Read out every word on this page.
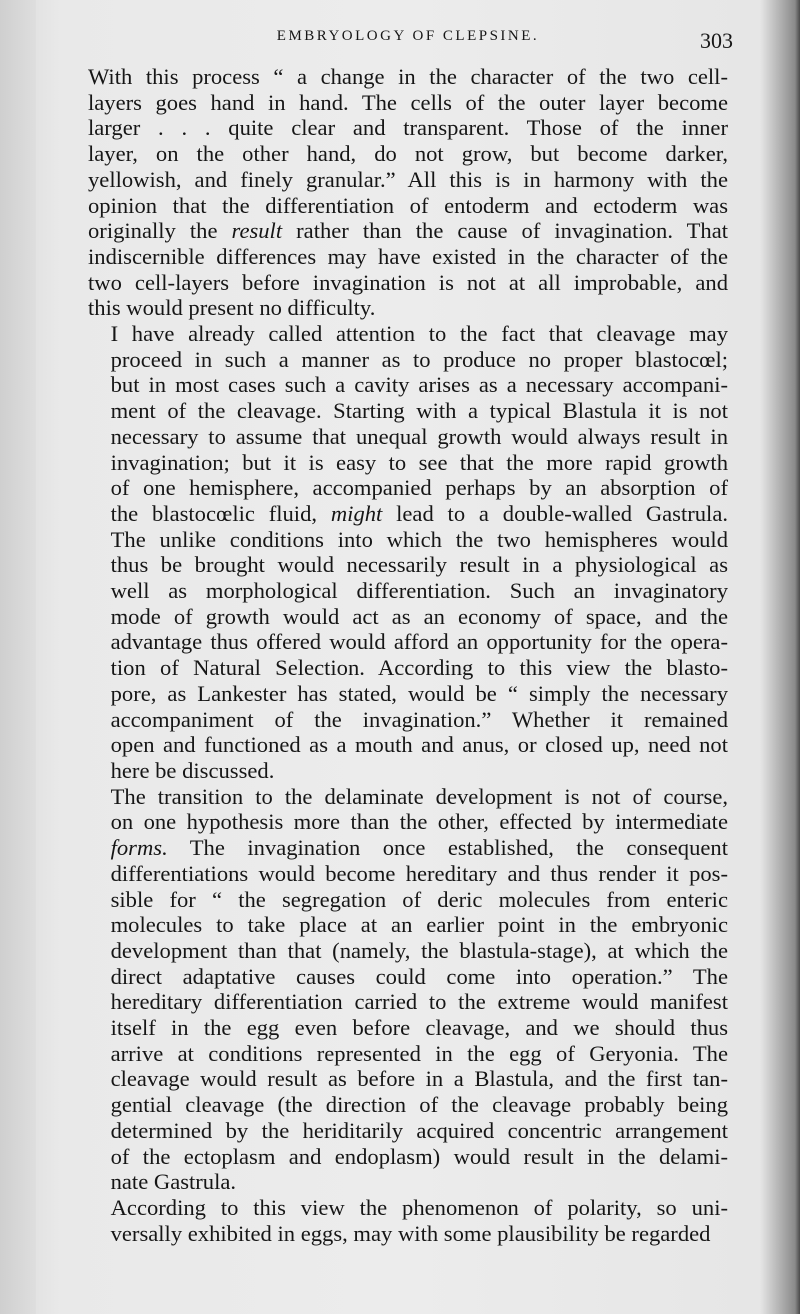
EMBRYOLOGY OF CLEPSINE.	303

With this process “ a change in the character of the two cell-
layers goes hand in hand. The cells of the outer layer become
larger . . . quite clear and transparent. Those of the inner
layer, on the other hand, do not grow, but become darker,
yellowish, and finely granular.” All this is in harmony with the
opinion that the differentiation of entoderm and ectoderm was
originally the result rather than the cause of invagination. That
indiscernible differences may have existed in the character of the
two cell-layers before invagination is not at all improbable, and
this would present no difficulty.

I have already called attention to the fact that cleavage may
proceed in such a manner as to produce no proper blastocœl;
but in most cases such a cavity arises as a necessary accompani-
ment of the cleavage. Starting with a typical Blastula it is not
necessary to assume that unequal growth would always result in
invagination; but it is easy to see that the more rapid growth
of one hemisphere, accompanied perhaps by an absorption of
the blastocœlic fluid, might lead to a double-walled Gastrula.
The unlike conditions into which the two hemispheres would
thus be brought would necessarily result in a physiological as
well as morphological differentiation. Such an invaginatory
mode of growth would act as an economy of space, and the
advantage thus offered would afford an opportunity for the opera-
tion of Natural Selection. According to this view the blasto-
pore, as Lankester has stated, would be “ simply the necessary
accompaniment of the invagination.” Whether it remained
open and functioned as a mouth and anus, or closed up, need not
here be discussed.

The transition to the delaminate development is not of course,
on one hypothesis more than the other, effected by intermediate
forms. The invagination once established, the consequent
differentiations would become hereditary and thus render it pos-
sible for “ the segregation of deric molecules from enteric
molecules to take place at an earlier point in the embryonic
development than that (namely, the blastula-stage), at which the
direct adaptative causes could come into operation.” The
hereditary differentiation carried to the extreme would manifest
itself in the egg even before cleavage, and we should thus
arrive at conditions represented in the egg of Geryonia. The
cleavage would result as before in a Blastula, and the first tan-
gential cleavage (the direction of the cleavage probably being
determined by the heriditarily acquired concentric arrangement
of the ectoplasm and endoplasm) would result in the delami-
nate Gastrula.

According to this view the phenomenon of polarity, so uni-
versally exhibited in eggs, may with some plausibility be regarded
